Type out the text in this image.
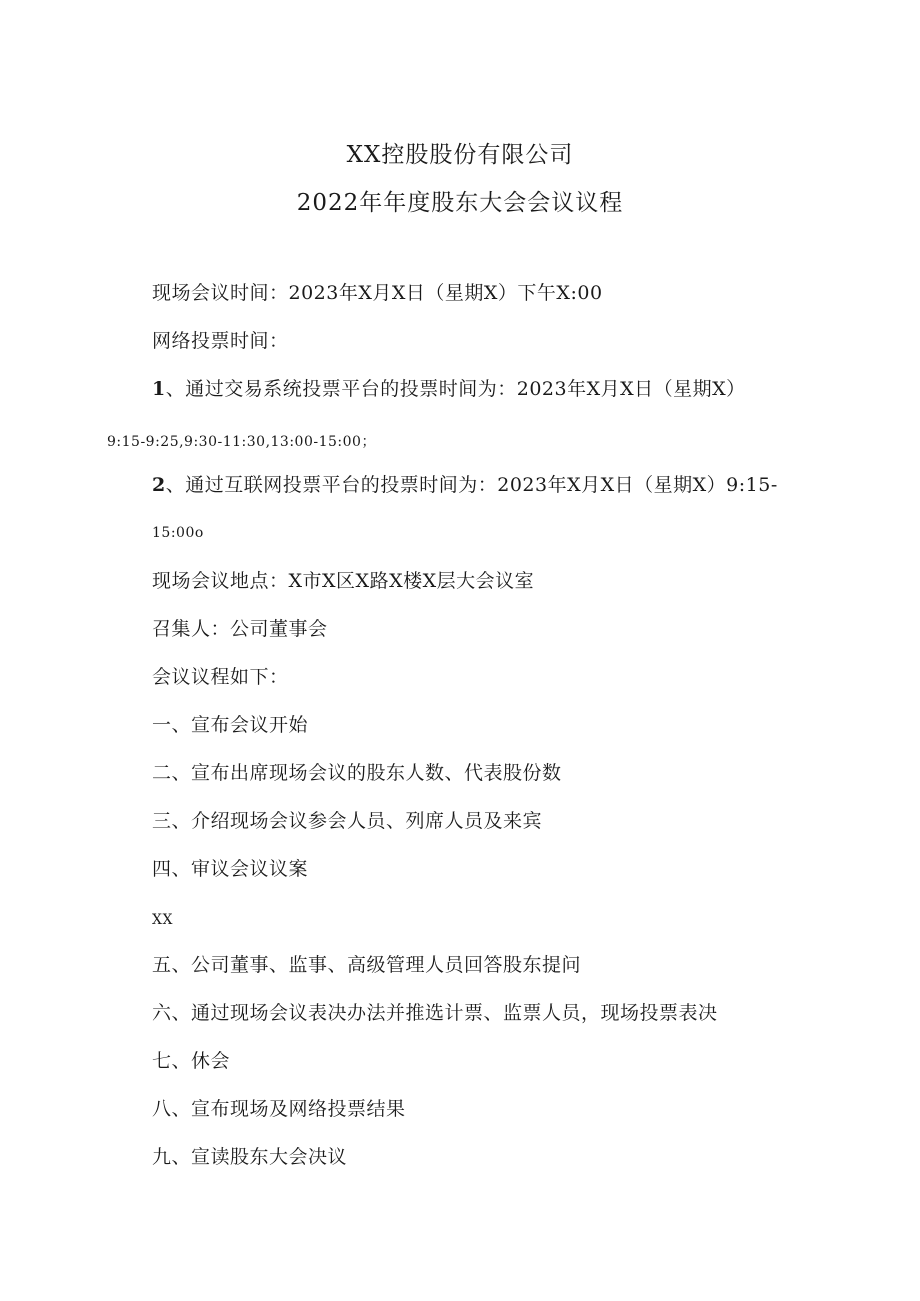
XX控股股份有限公司
2022年年度股东大会会议议程
现场会议时间：2023年X月X日（星期X）下午X:00
网络投票时间：
1、通过交易系统投票平台的投票时间为：2023年X月X日（星期X）
9:15-9:25,9:30-11:30,13:00-15:00；
2、通过互联网投票平台的投票时间为：2023年X月X日（星期X）9:15-
15:00o
现场会议地点：X市X区X路X楼X层大会议室
召集人：公司董事会
会议议程如下：
一、宣布会议开始
二、宣布出席现场会议的股东人数、代表股份数
三、介绍现场会议参会人员、列席人员及来宾
四、审议会议议案
XX
五、公司董事、监事、高级管理人员回答股东提问
六、通过现场会议表决办法并推选计票、监票人员，现场投票表决
七、休会
八、宣布现场及网络投票结果
九、宣读股东大会决议
